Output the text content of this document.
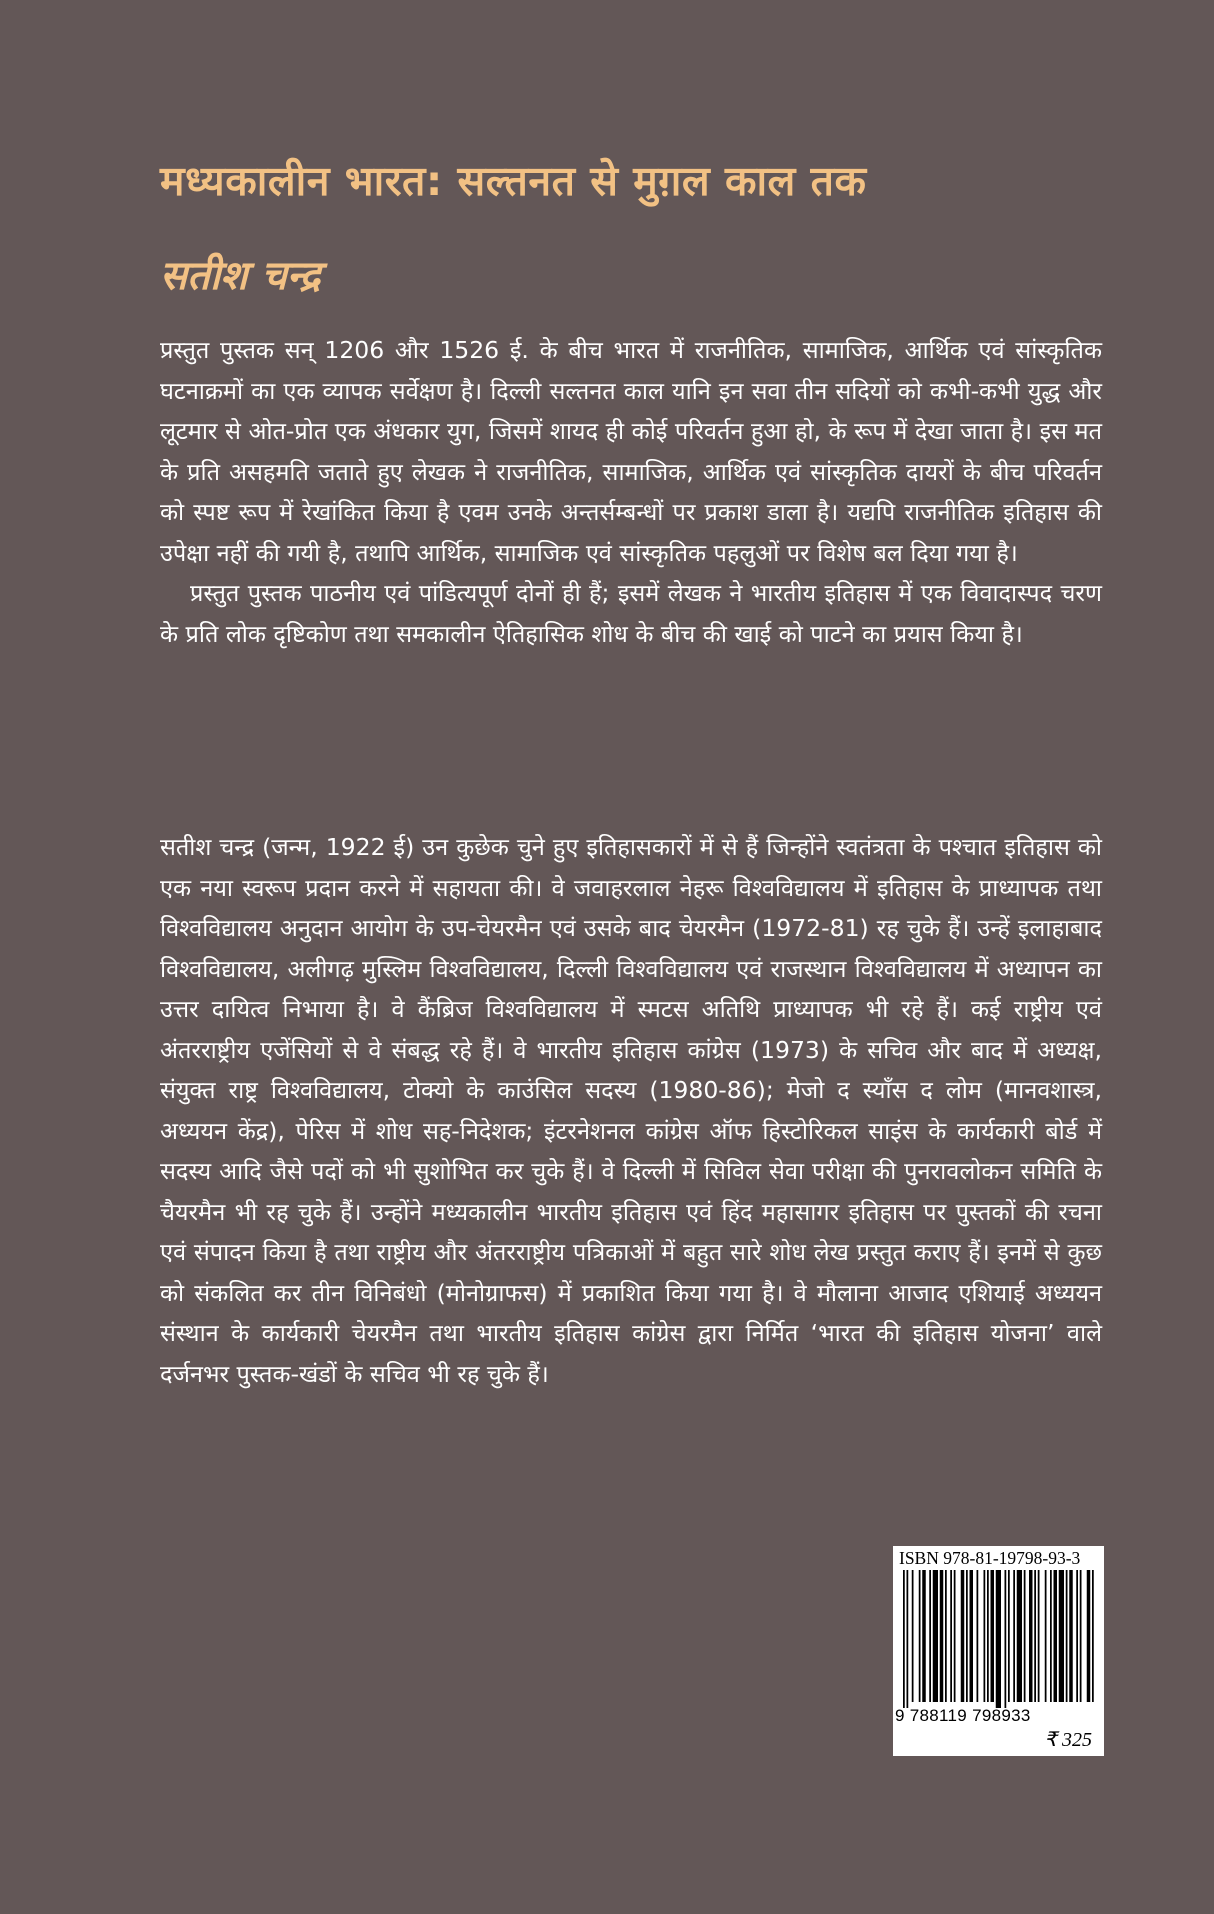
मध्यकालीन भारत: सल्तनत से मुग़ल काल तक
सतीश चन्द्र

प्रस्तुत पुस्तक सन् 1206 और 1526 ई. के बीच भारत में राजनीतिक, सामाजिक, आर्थिक एवं सांस्कृतिक घटनाक्रमों का एक व्यापक सर्वेक्षण है। दिल्ली सल्तनत काल यानि इन सवा तीन सदियों को कभी-कभी युद्ध और लूटमार से ओत-प्रोत एक अंधकार युग, जिसमें शायद ही कोई परिवर्तन हुआ हो, के रूप में देखा जाता है। इस मत के प्रति असहमति जताते हुए लेखक ने राजनीतिक, सामाजिक, आर्थिक एवं सांस्कृतिक दायरों के बीच परिवर्तन को स्पष्ट रूप में रेखांकित किया है एवम उनके अन्तर्सम्बन्धों पर प्रकाश डाला है। यद्यपि राजनीतिक इतिहास की उपेक्षा नहीं की गयी है, तथापि आर्थिक, सामाजिक एवं सांस्कृतिक पहलुओं पर विशेष बल दिया गया है।

प्रस्तुत पुस्तक पाठनीय एवं पांडित्यपूर्ण दोनों ही हैं; इसमें लेखक ने भारतीय इतिहास में एक विवादास्पद चरण के प्रति लोक दृष्टिकोण तथा समकालीन ऐतिहासिक शोध के बीच की खाई को पाटने का प्रयास किया है।

सतीश चन्द्र (जन्म, 1922 ई) उन कुछेक चुने हुए इतिहासकारों में से हैं जिन्होंने स्वतंत्रता के पश्चात इतिहास को एक नया स्वरूप प्रदान करने में सहायता की। वे जवाहरलाल नेहरू विश्वविद्यालय में इतिहास के प्राध्यापक तथा विश्वविद्यालय अनुदान आयोग के उप-चेयरमैन एवं उसके बाद चेयरमैन (1972-81) रह चुके हैं। उन्हें इलाहाबाद विश्वविद्यालय, अलीगढ़ मुस्लिम विश्वविद्यालय, दिल्ली विश्वविद्यालय एवं राजस्थान विश्वविद्यालय में अध्यापन का उत्तर दायित्व निभाया है। वे कैंब्रिज विश्वविद्यालय में स्मटस अतिथि प्राध्यापक भी रहे हैं। कई राष्ट्रीय एवं अंतरराष्ट्रीय एजेंसियों से वे संबद्ध रहे हैं। वे भारतीय इतिहास कांग्रेस (1973) के सचिव और बाद में अध्यक्ष, संयुक्त राष्ट्र विश्वविद्यालय, टोक्यो के काउंसिल सदस्य (1980-86); मेजो द स्यॉंस द लोम (मानवशास्त्र, अध्ययन केंद्र), पेरिस में शोध सह-निदेशक; इंटरनेशनल कांग्रेस ऑफ हिस्टोरिकल साइंस के कार्यकारी बोर्ड में सदस्य आदि जैसे पदों को भी सुशोभित कर चुके हैं। वे दिल्ली में सिविल सेवा परीक्षा की पुनरावलोकन समिति के चैयरमैन भी रह चुके हैं। उन्होंने मध्यकालीन भारतीय इतिहास एवं हिंद महासागर इतिहास पर पुस्तकों की रचना एवं संपादन किया है तथा राष्ट्रीय और अंतरराष्ट्रीय पत्रिकाओं में बहुत सारे शोध लेख प्रस्तुत कराए हैं। इनमें से कुछ को संकलित कर तीन विनिबंधो (मोनोग्राफस) में प्रकाशित किया गया है। वे मौलाना आजाद एशियाई अध्ययन संस्थान के कार्यकारी चेयरमैन तथा भारतीय इतिहास कांग्रेस द्वारा निर्मित ‘भारत की इतिहास योजना’ वाले दर्जनभर पुस्तक-खंडों के सचिव भी रह चुके हैं।

ISBN 978-81-19798-93-3
9 788119 798933
₹ 325
